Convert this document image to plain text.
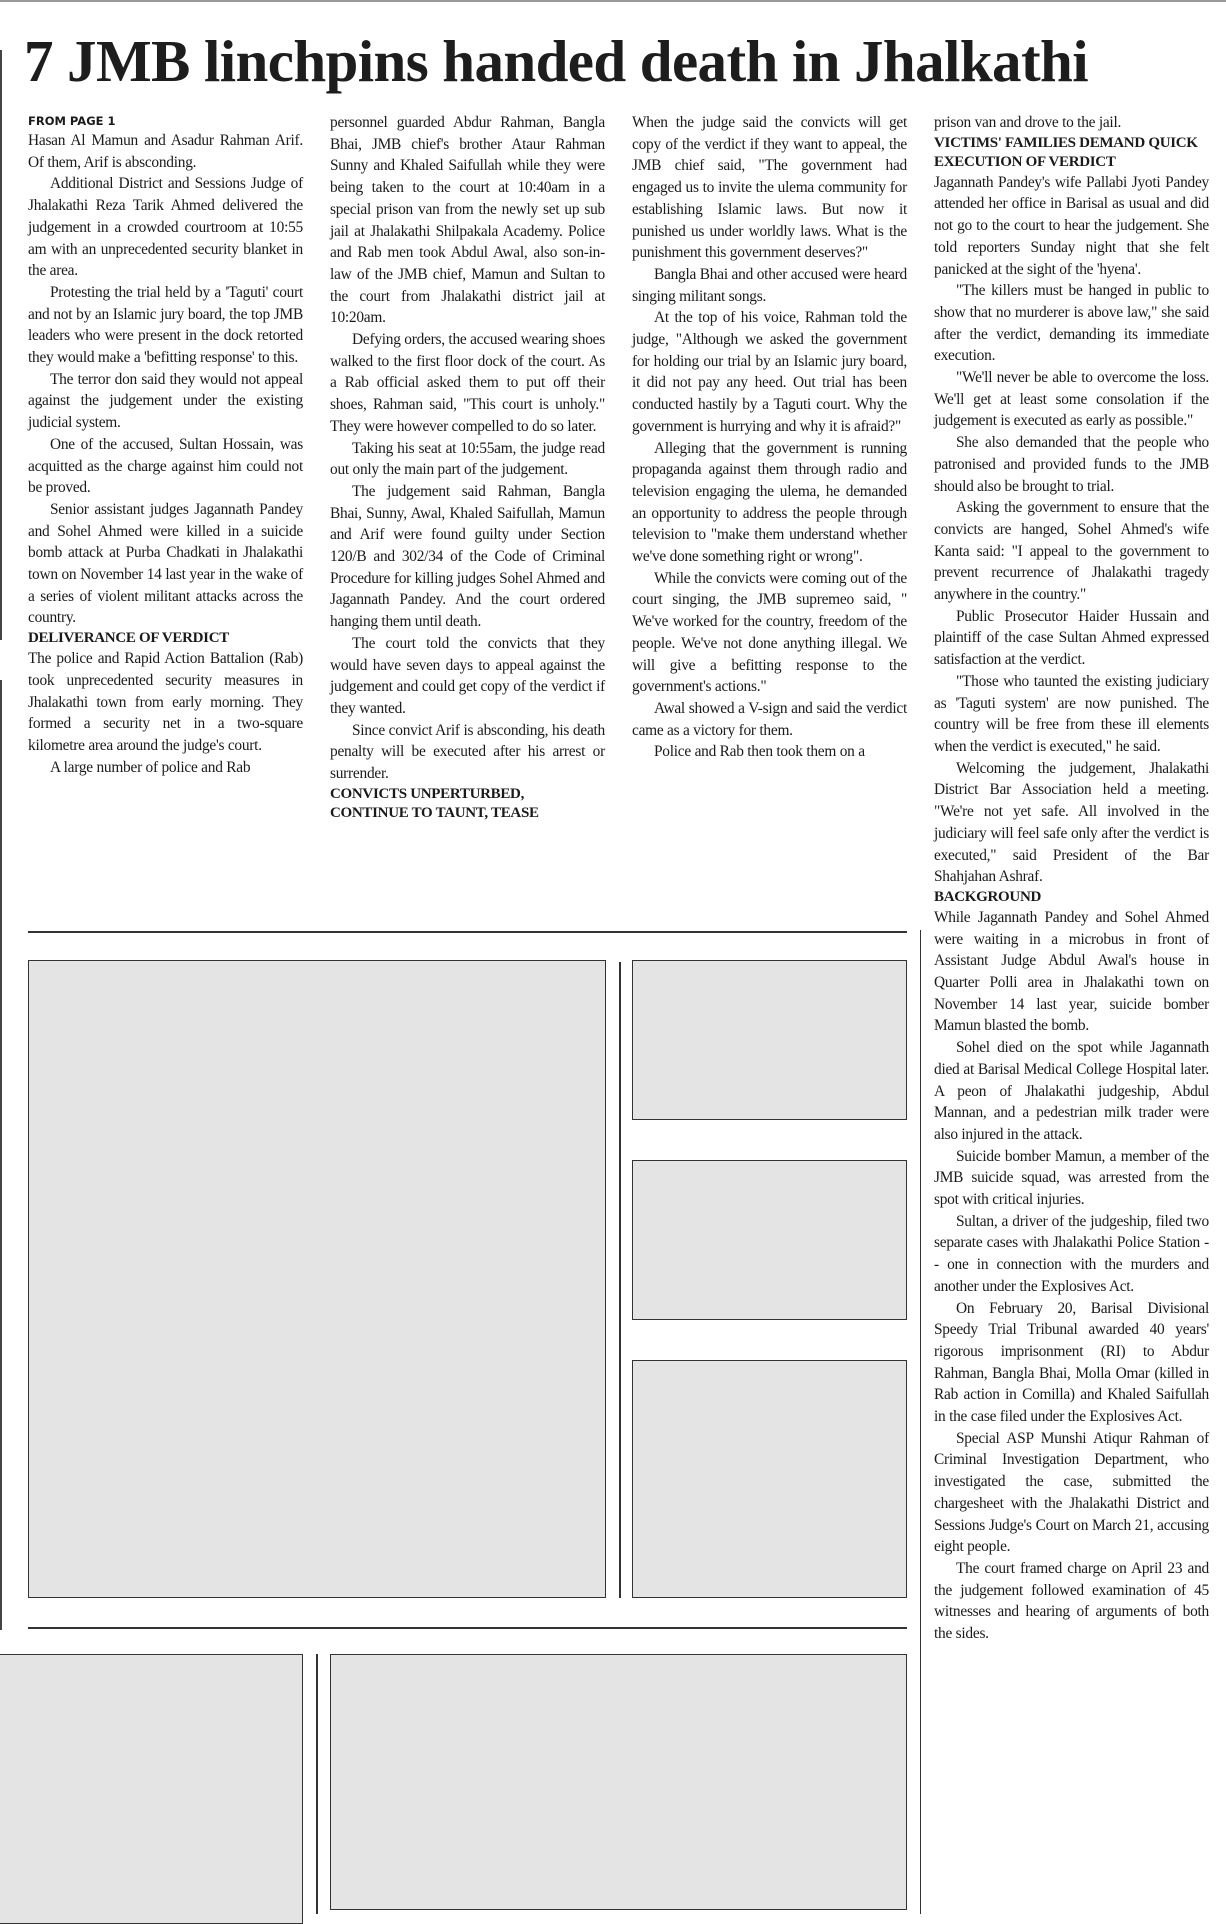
7 JMB linchpins handed death in Jhalkathi
FROM PAGE 1

Hasan Al Mamun and Asadur Rahman Arif. Of them, Arif is absconding.

Additional District and Sessions Judge of Jhalakathi Reza Tarik Ahmed delivered the judgement in a crowded courtroom at 10:55 am with an unprecedented security blanket in the area.

Protesting the trial held by a 'Taguti' court and not by an Islamic jury board, the top JMB leaders who were present in the dock retorted they would make a 'befitting response' to this.

The terror don said they would not appeal against the judgement under the existing judicial system.

One of the accused, Sultan Hossain, was acquitted as the charge against him could not be proved.

Senior assistant judges Jagannath Pandey and Sohel Ahmed were killed in a suicide bomb attack at Purba Chadkati in Jhalakathi town on November 14 last year in the wake of a series of violent militant attacks across the country.

DELIVERANCE OF VERDICT

The police and Rapid Action Battalion (Rab) took unprecedented security measures in Jhalakathi town from early morning. They formed a security net in a two-square kilometre area around the judge's court.

A large number of police and Rab

personnel guarded Abdur Rahman, Bangla Bhai, JMB chief's brother Ataur Rahman Sunny and Khaled Saifullah while they were being taken to the court at 10:40am in a special prison van from the newly set up sub jail at Jhalakathi Shilpakala Academy. Police and Rab men took Abdul Awal, also son-in-law of the JMB chief, Mamun and Sultan to the court from Jhalakathi district jail at 10:20am.

Defying orders, the accused wearing shoes walked to the first floor dock of the court. As a Rab official asked them to put off their shoes, Rahman said, "This court is unholy." They were however compelled to do so later.

Taking his seat at 10:55am, the judge read out only the main part of the judgement.

The judgement said Rahman, Bangla Bhai, Sunny, Awal, Khaled Saifullah, Mamun and Arif were found guilty under Section 120/B and 302/34 of the Code of Criminal Procedure for killing judges Sohel Ahmed and Jagannath Pandey. And the court ordered hanging them until death.

The court told the convicts that they would have seven days to appeal against the judgement and could get copy of the verdict if they wanted.

Since convict Arif is absconding, his death penalty will be executed after his arrest or surrender.

CONVICTS UNPERTURBED, CONTINUE TO TAUNT, TEASE

When the judge said the convicts will get copy of the verdict if they want to appeal, the JMB chief said, "The government had engaged us to invite the ulema community for establishing Islamic laws. But now it punished us under worldly laws. What is the punishment this government deserves?"

Bangla Bhai and other accused were heard singing militant songs.

At the top of his voice, Rahman told the judge, "Although we asked the government for holding our trial by an Islamic jury board, it did not pay any heed. Out trial has been conducted hastily by a Taguti court. Why the government is hurrying and why it is afraid?"

Alleging that the government is running propaganda against them through radio and television engaging the ulema, he demanded an opportunity to address the people through television to "make them understand whether we've done something right or wrong".

While the convicts were coming out of the court singing, the JMB supremeo said, " We've worked for the country, freedom of the people. We've not done anything illegal. We will give a befitting response to the government's actions."

Awal showed a V-sign and said the verdict came as a victory for them.

Police and Rab then took them on a

prison van and drove to the jail.

VICTIMS' FAMILIES DEMAND QUICK EXECUTION OF VERDICT

Jagannath Pandey's wife Pallabi Jyoti Pandey attended her office in Barisal as usual and did not go to the court to hear the judgement. She told reporters Sunday night that she felt panicked at the sight of the 'hyena'.

"The killers must be hanged in public to show that no murderer is above law," she said after the verdict, demanding its immediate execution.

"We'll never be able to overcome the loss. We'll get at least some consolation if the judgement is executed as early as possible."

She also demanded that the people who patronised and provided funds to the JMB should also be brought to trial.

Asking the government to ensure that the convicts are hanged, Sohel Ahmed's wife Kanta said: "I appeal to the government to prevent recurrence of Jhalakathi tragedy anywhere in the country."

Public Prosecutor Haider Hussain and plaintiff of the case Sultan Ahmed expressed satisfaction at the verdict.

"Those who taunted the existing judiciary as 'Taguti system' are now punished. The country will be free from these ill elements when the verdict is executed," he said.

Welcoming the judgement, Jhalakathi District Bar Association held a meeting. "We're not yet safe. All involved in the judiciary will feel safe only after the verdict is executed," said President of the Bar Shahjahan Ashraf.

BACKGROUND

While Jagannath Pandey and Sohel Ahmed were waiting in a microbus in front of Assistant Judge Abdul Awal's house in Quarter Polli area in Jhalakathi town on November 14 last year, suicide bomber Mamun blasted the bomb.

Sohel died on the spot while Jagannath died at Barisal Medical College Hospital later. A peon of Jhalakathi judgeship, Abdul Mannan, and a pedestrian milk trader were also injured in the attack.

Suicide bomber Mamun, a member of the JMB suicide squad, was arrested from the spot with critical injuries.

Sultan, a driver of the judgeship, filed two separate cases with Jhalakathi Police Station -- one in connection with the murders and another under the Explosives Act.

On February 20, Barisal Divisional Speedy Trial Tribunal awarded 40 years' rigorous imprisonment (RI) to Abdur Rahman, Bangla Bhai, Molla Omar (killed in Rab action in Comilla) and Khaled Saifullah in the case filed under the Explosives Act.

Special ASP Munshi Atiqur Rahman of Criminal Investigation Department, who investigated the case, submitted the chargesheet with the Jhalakathi District and Sessions Judge's Court on March 21, accusing eight people.

The court framed charge on April 23 and the judgement followed examination of 45 witnesses and hearing of arguments of both the sides.
